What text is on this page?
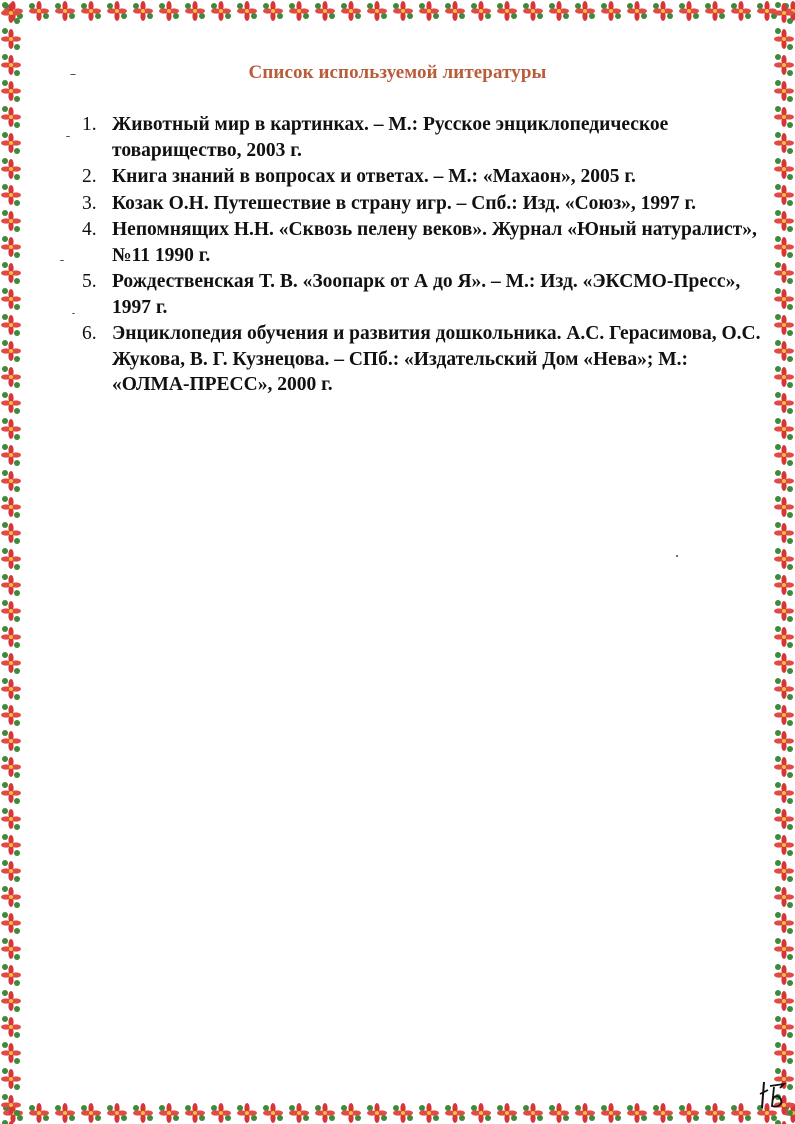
Список используемой литературы
1. Животный мир в картинках. – М.: Русское энциклопедическое товарищество, 2003 г.
2. Книга знаний в вопросах и ответах. – М.: «Махаон», 2005 г.
3. Козак О.Н. Путешествие в страну игр. – Спб.: Изд. «Союз», 1997 г.
4. Непомнящих Н.Н. «Сквозь пелену веков». Журнал «Юный натуралист», №11 1990 г.
5. Рождественская Т. В. «Зоопарк от А до Я». – М.: Изд. «ЭКСМО-Пресс», 1997 г.
6. Энциклопедия обучения и развития дошкольника. А.С. Герасимова, О.С. Жукова, В. Г. Кузнецова. – СПб.: «Издательский Дом «Нева»; М.: «ОЛМА-ПРЕСС», 2000 г.
